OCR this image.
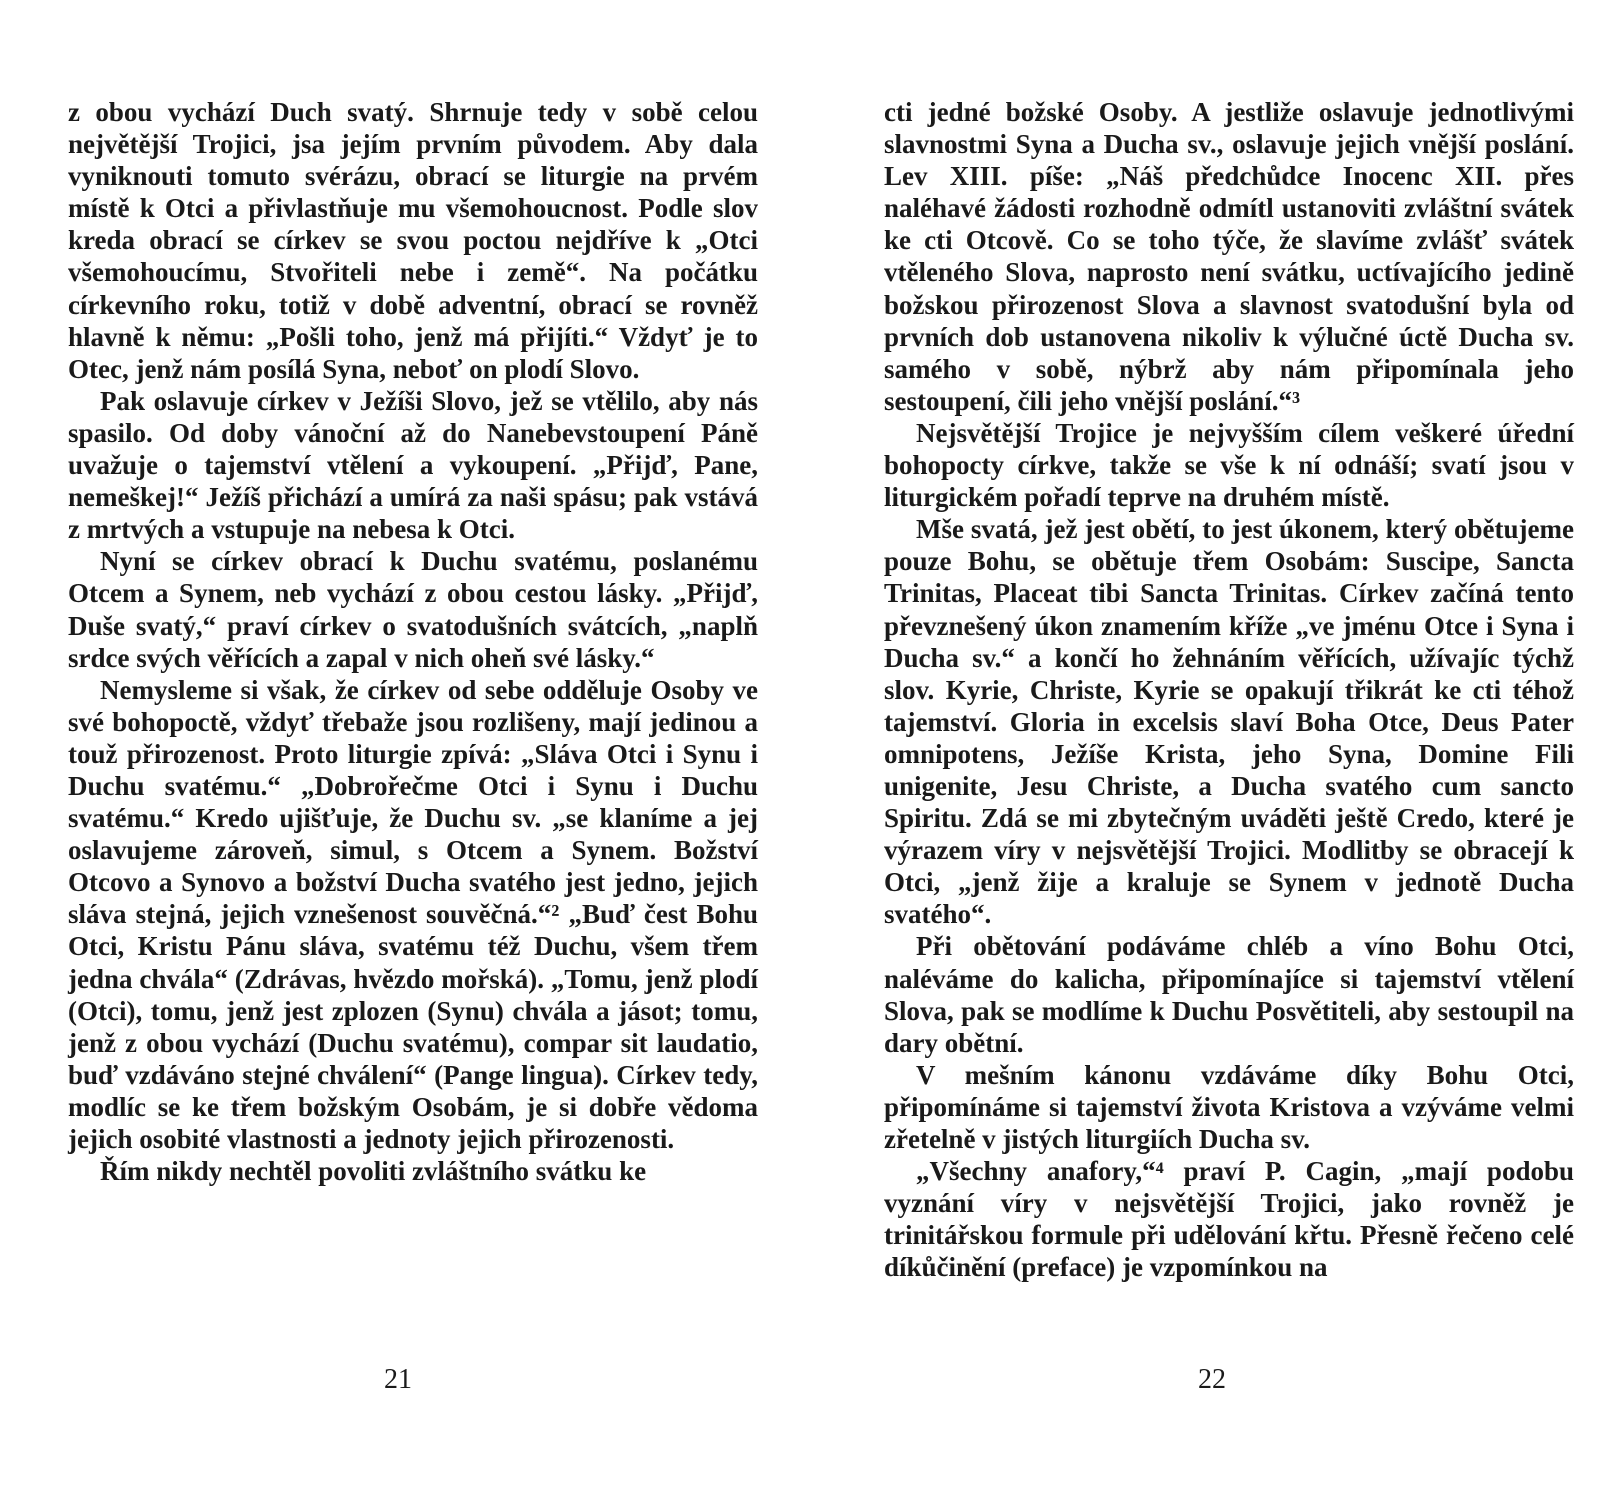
z obou vychází Duch svatý. Shrnuje tedy v sobě celou největější Trojici, jsa jejím prvním původem. Aby dala vyniknouti tomuto svérázu, obrací se liturgie na prvém místě k Otci a přivlastňuje mu všemohoucnost. Podle slov kreda obrací se církev se svou poctou nejdříve k „Otci všemohoucímu, Stvořiteli nebe i země“. Na počátku církevního roku, totiž v době adventní, obrací se rovněž hlavně k němu: „Pošli toho, jenž má přijíti.“ Vždyť je to Otec, jenž nám posílá Syna, neboť on plodí Slovo.

Pak oslavuje církev v Ježíši Slovo, jež se vtělilo, aby nás spasilo. Od doby vánoční až do Nanebevstoupení Páně uvažuje o tajemství vtělení a vykoupení. „Přijď, Pane, nemeškej!“ Ježíš přichází a umírá za naši spásu; pak vstává z mrtvých a vstupuje na nebesa k Otci.

Nyní se církev obrací k Duchu svatému, poslanému Otcem a Synem, neb vychází z obou cestou lásky. „Přijď, Duše svatý,“ praví církev o svatodušních svátcích, „naplň srdce svých věřících a zapal v nich oheň své lásky.“

Nemysleme si však, že církev od sebe odděluje Osoby ve své bohopoctě, vždyť třebaže jsou rozlišeny, mají jedinou a touž přirozenost. Proto liturgie zpívá: „Sláva Otci i Synu i Duchu svatému.“ „Dobrořečme Otci i Synu i Duchu svatému.“ Kredo ujišťuje, že Duchu sv. „se klaníme a jej oslavujeme zároveň, simul, s Otcem a Synem. Božství Otcovo a Synovo a božství Ducha svatého jest jedno, jejich sláva stejná, jejich vznešenost souvěčná.“² „Buď čest Bohu Otci, Kristu Pánu sláva, svatému též Duchu, všem třem jedna chvála“ (Zdrávas, hvězdo mořská). „Tomu, jenž plodí (Otci), tomu, jenž jest zplozen (Synu) chvála a jásot; tomu, jenž z obou vychází (Duchu svatému), compar sit laudatio, buď vzdáváno stejné chválení“ (Pange lingua). Církev tedy, modlíc se ke třem božským Osobám, je si dobře vědoma jejich osobité vlastnosti a jednoty jejich přirozenosti.

Řím nikdy nechtěl povoliti zvláštního svátku ke

21

cti jedné božské Osoby. A jestliže oslavuje jednotlivými slavnostmi Syna a Ducha sv., oslavuje jejich vnější poslání. Lev XIII. píše: „Náš předchůdce Inocenc XII. přes naléhavé žádosti rozhodně odmítl ustanoviti zvláštní svátek ke cti Otcově. Co se toho týče, že slavíme zvlášť svátek vtěleného Slova, naprosto není svátku, uctívajícího jedině božskou přirozenost Slova a slavnost svatodušní byla od prvních dob ustanovena nikoliv k výlučné úctě Ducha sv. samého v sobě, nýbrž aby nám připomínala jeho sestoupení, čili jeho vnější poslání.“³

Nejsvětější Trojice je nejvyšším cílem veškeré úřední bohopocty církve, takže se vše k ní odnáší; svatí jsou v liturgickém pořadí teprve na druhém místě.

Mše svatá, jež jest obětí, to jest úkonem, který obětujeme pouze Bohu, se obětuje třem Osobám: Suscipe, Sancta Trinitas, Placeat tibi Sancta Trinitas. Církev začíná tento převznešený úkon znamením kříže „ve jménu Otce i Syna i Ducha sv.“ a končí ho žehnáním věřících, užívajíc týchž slov. Kyrie, Christe, Kyrie se opakují třikrát ke cti téhož tajemství. Gloria in excelsis slaví Boha Otce, Deus Pater omnipotens, Ježíše Krista, jeho Syna, Domine Fili unigenite, Jesu Christe, a Ducha svatého cum sancto Spiritu. Zdá se mi zbytečným uváděti ještě Credo, které je výrazem víry v nejsvětější Trojici. Modlitby se obracejí k Otci, „jenž žije a kraluje se Synem v jednotě Ducha svatého“.

Při obětování podáváme chléb a víno Bohu Otci, naléváme do kalicha, připomínajíce si tajemství vtělení Slova, pak se modlíme k Duchu Posvětiteli, aby sestoupil na dary obětní.

V mešním kánonu vzdáváme díky Bohu Otci, připomínáme si tajemství života Kristova a vzýváme velmi zřetelně v jistých liturgiích Ducha sv.

„Všechny anafory,“⁴ praví P. Cagin, „mají podobu vyznání víry v nejsvětější Trojici, jako rovněž je trinitářskou formule při udělování křtu. Přesně řečeno celé díkůčinění (preface) je vzpomínkou na

22
